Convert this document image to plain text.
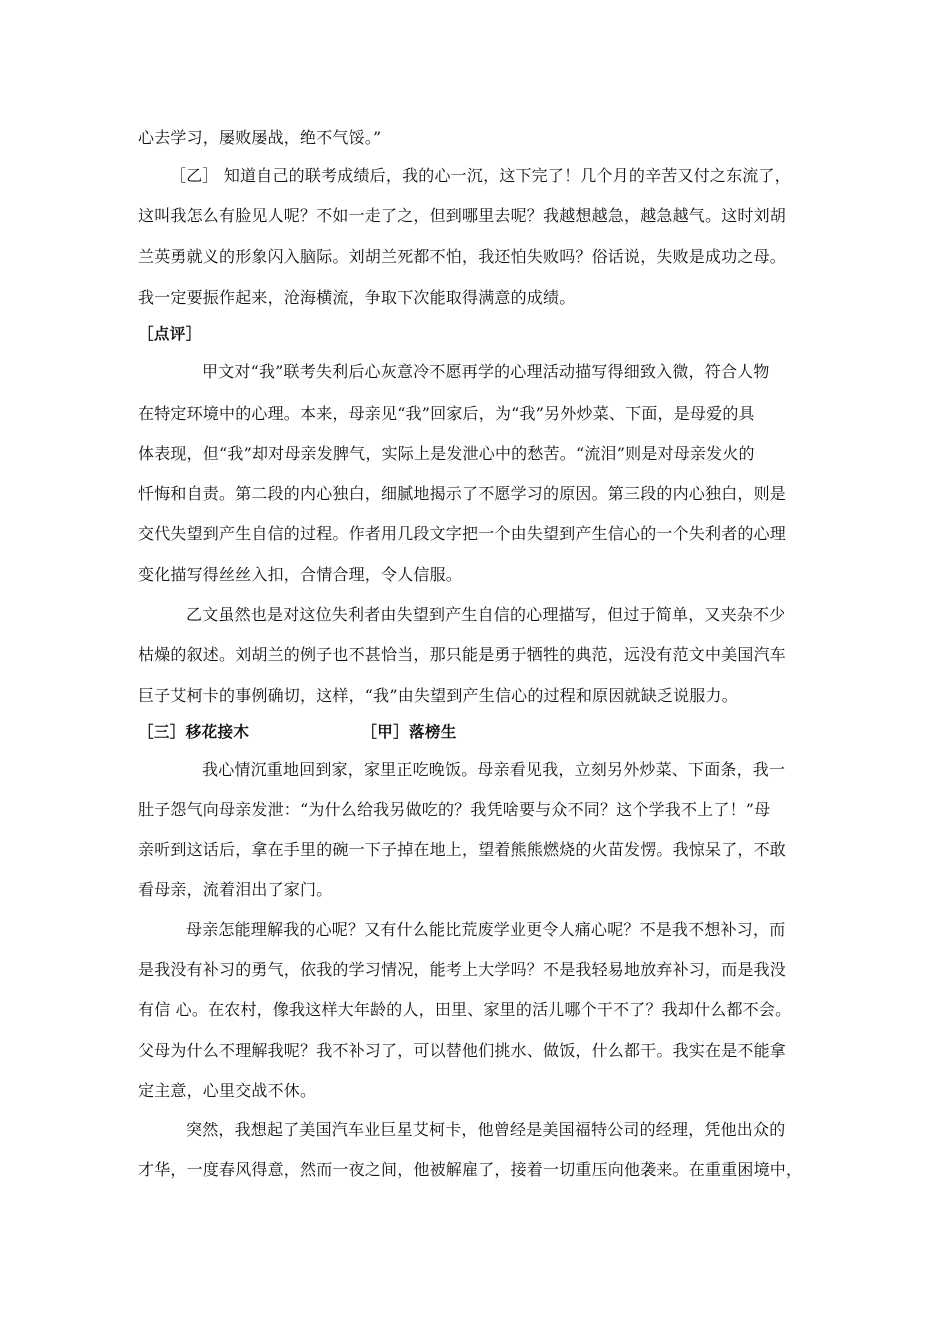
心去学习，屡败屡战，绝不气馁。”
［乙］ 知道自己的联考成绩后，我的心一沉，这下完了！几个月的辛苦又付之东流了，
这叫我怎么有脸见人呢？不如一走了之，但到哪里去呢？我越想越急，越急越气。这时刘胡
兰英勇就义的形象闪入脑际。刘胡兰死都不怕，我还怕失败吗？俗话说，失败是成功之母。
我一定要振作起来，沧海横流，争取下次能取得满意的成绩。
［点评］
甲文对“我”联考失利后心灰意冷不愿再学的心理活动描写得细致入微，符合人物
在特定环境中的心理。本来，母亲见“我”回家后，为“我”另外炒菜、下面，是母爱的具
体表现，但“我”却对母亲发脾气，实际上是发泄心中的愁苦。“流泪”则是对母亲发火的
忏悔和自责。第二段的内心独白，细腻地揭示了不愿学习的原因。第三段的内心独白，则是
交代失望到产生自信的过程。作者用几段文字把一个由失望到产生信心的一个失利者的心理
变化描写得丝丝入扣，合情合理，令人信服。
乙文虽然也是对这位失利者由失望到产生自信的心理描写，但过于简单，又夹杂不少
枯燥的叙述。刘胡兰的例子也不甚恰当，那只能是勇于牺牲的典范，远没有范文中美国汽车
巨子艾柯卡的事例确切，这样，“我”由失望到产生信心的过程和原因就缺乏说服力。
［三］移花接木	［甲］落榜生
我心情沉重地回到家，家里正吃晚饭。母亲看见我，立刻另外炒菜、下面条，我一
肚子怨气向母亲发泄：“为什么给我另做吃的？我凭啥要与众不同？这个学我不上了！”母
亲听到这话后，拿在手里的碗一下子掉在地上，望着熊熊燃烧的火苗发愣。我惊呆了，不敢
看母亲，流着泪出了家门。
母亲怎能理解我的心呢？又有什么能比荒废学业更令人痛心呢？不是我不想补习，而
是我没有补习的勇气，依我的学习情况，能考上大学吗？不是我轻易地放弃补习，而是我没
有信 心。在农村，像我这样大年龄的人，田里、家里的活儿哪个干不了？我却什么都不会。
父母为什么不理解我呢？我不补习了，可以替他们挑水、做饭，什么都干。我实在是不能拿
定主意，心里交战不休。
突然，我想起了美国汽车业巨星艾柯卡，他曾经是美国福特公司的经理，凭他出众的
才华，一度春风得意，然而一夜之间，他被解雇了，接着一切重压向他袭来。在重重困境中，
